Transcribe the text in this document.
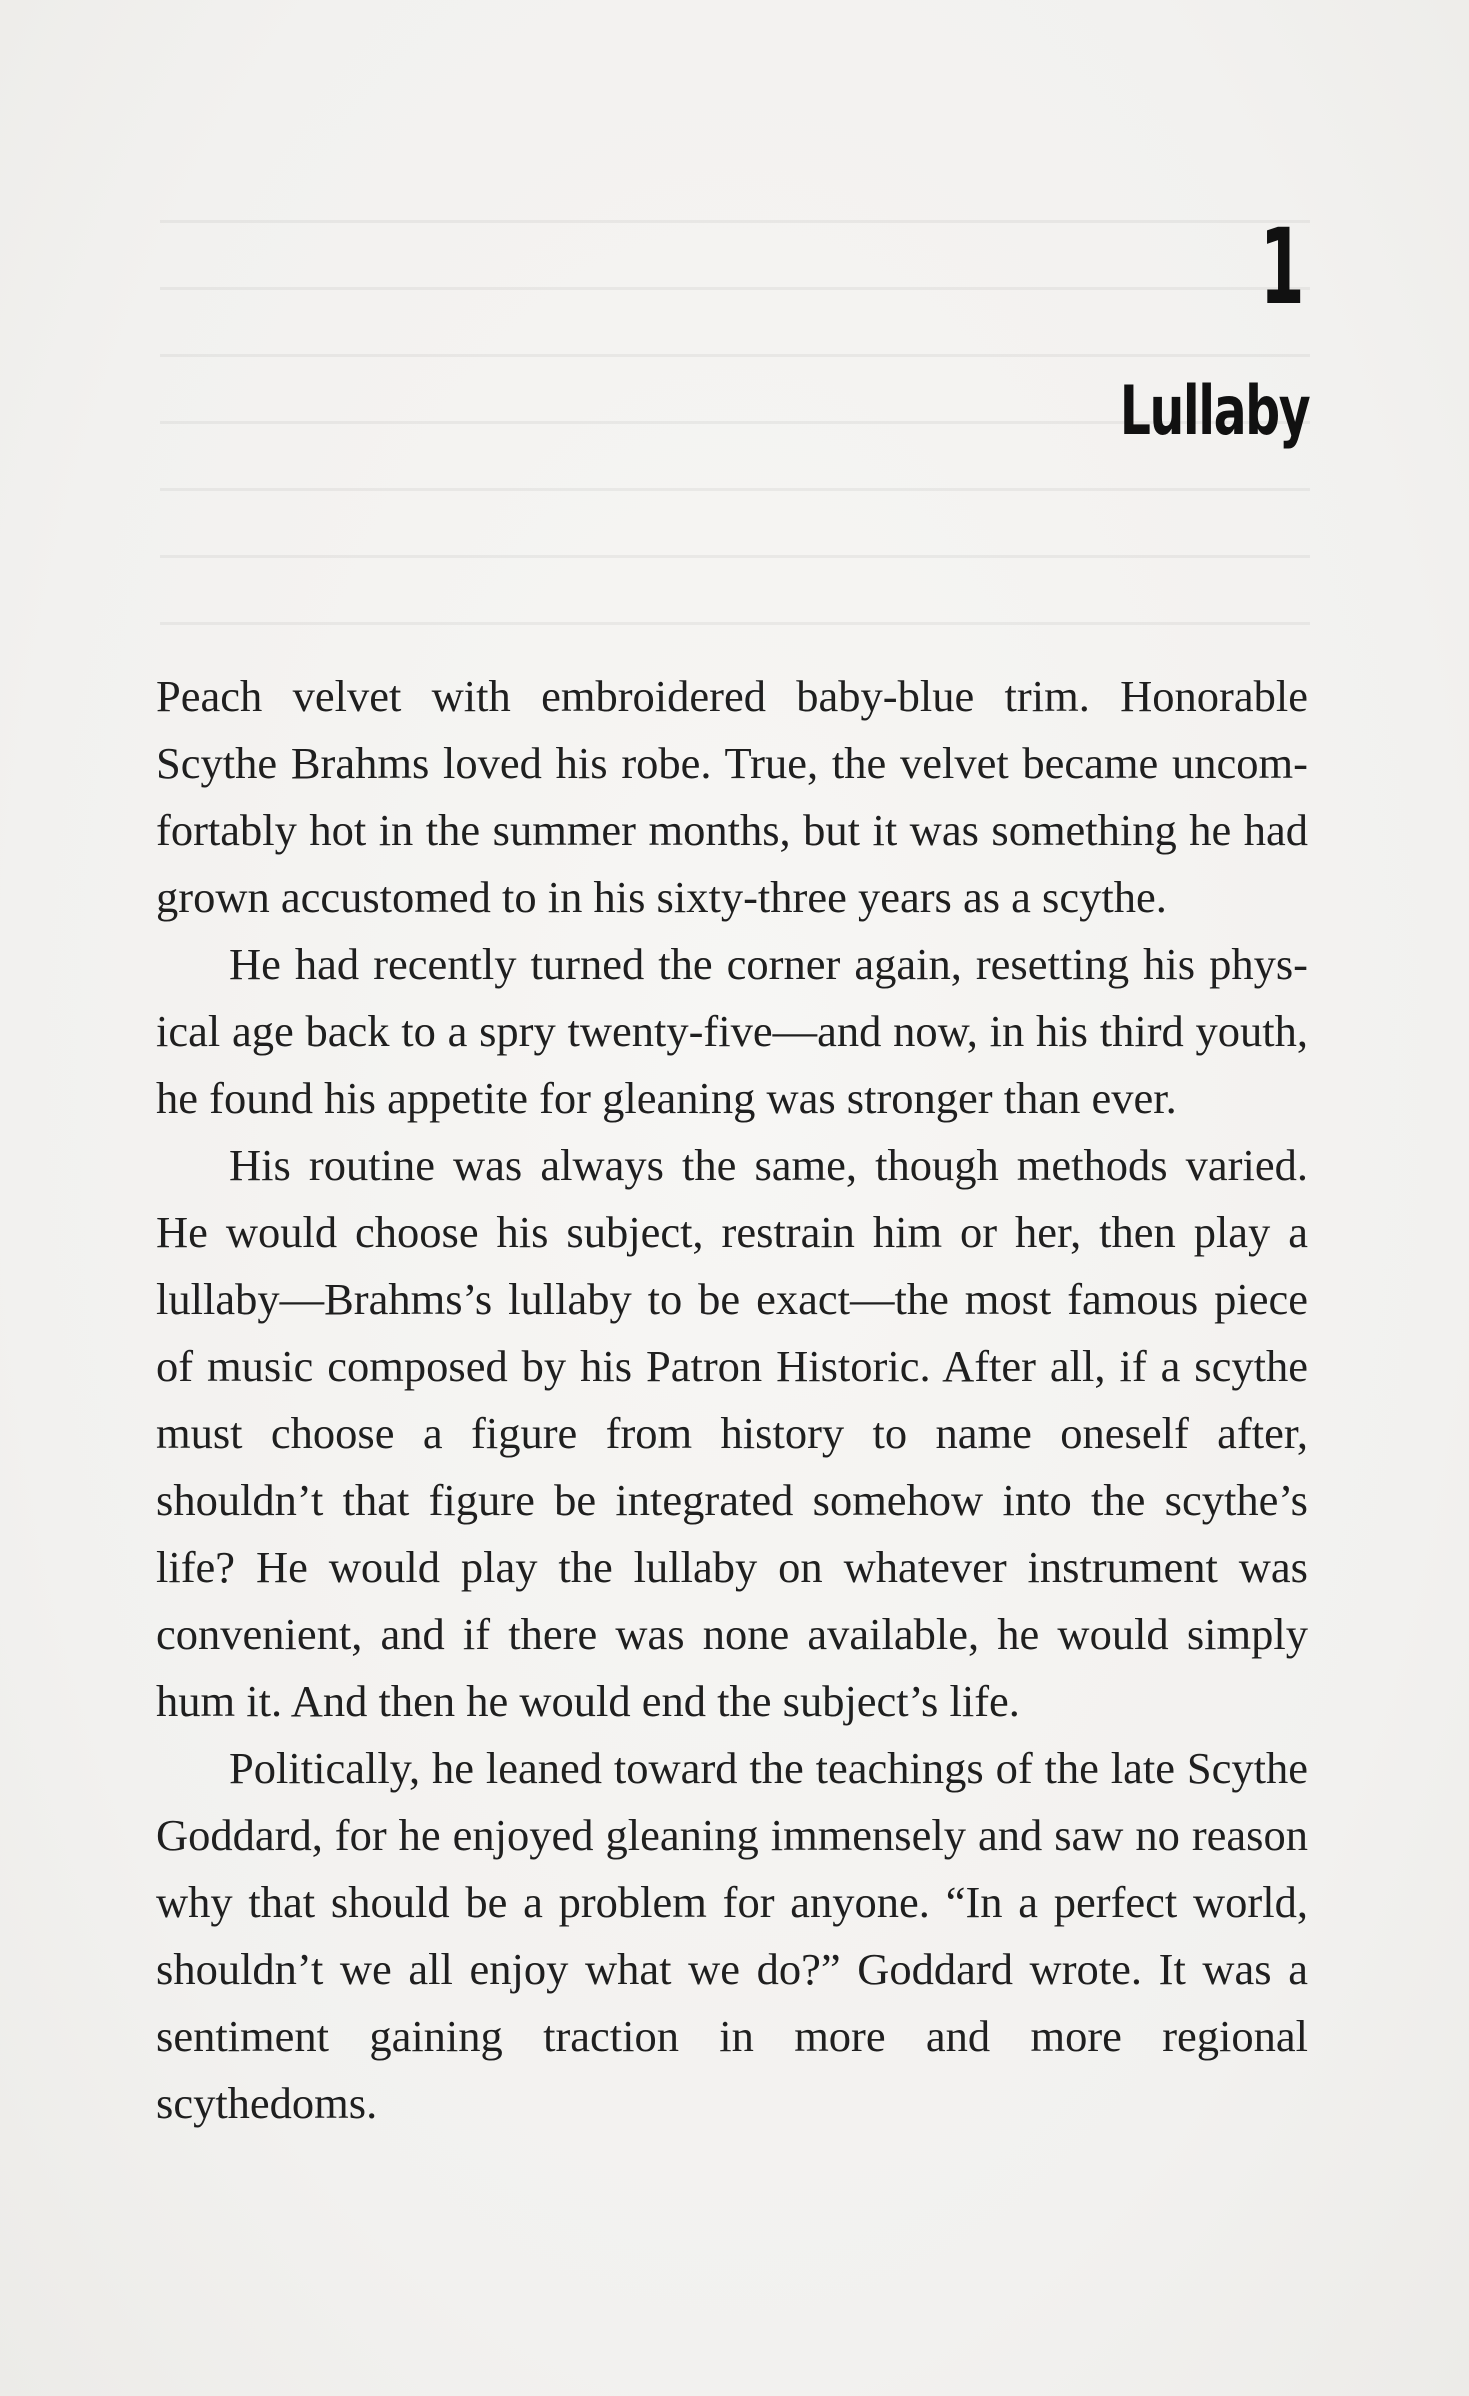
1
Lullaby

Peach velvet with embroidered baby-blue trim. Honorable Scythe Brahms loved his robe. True, the velvet became uncomfortably hot in the summer months, but it was something he had grown accustomed to in his sixty-three years as a scythe.

He had recently turned the corner again, resetting his physical age back to a spry twenty-five—and now, in his third youth, he found his appetite for gleaning was stronger than ever.

His routine was always the same, though methods varied. He would choose his subject, restrain him or her, then play a lullaby—Brahms’s lullaby to be exact—the most famous piece of music composed by his Patron Historic. After all, if a scythe must choose a figure from history to name oneself after, shouldn’t that figure be integrated somehow into the scythe’s life? He would play the lullaby on whatever instrument was convenient, and if there was none available, he would simply hum it. And then he would end the subject’s life.

Politically, he leaned toward the teachings of the late Scythe Goddard, for he enjoyed gleaning immensely and saw no reason why that should be a problem for anyone. “In a perfect world, shouldn’t we all enjoy what we do?” Goddard wrote. It was a sentiment gaining traction in more and more regional scythedoms.
